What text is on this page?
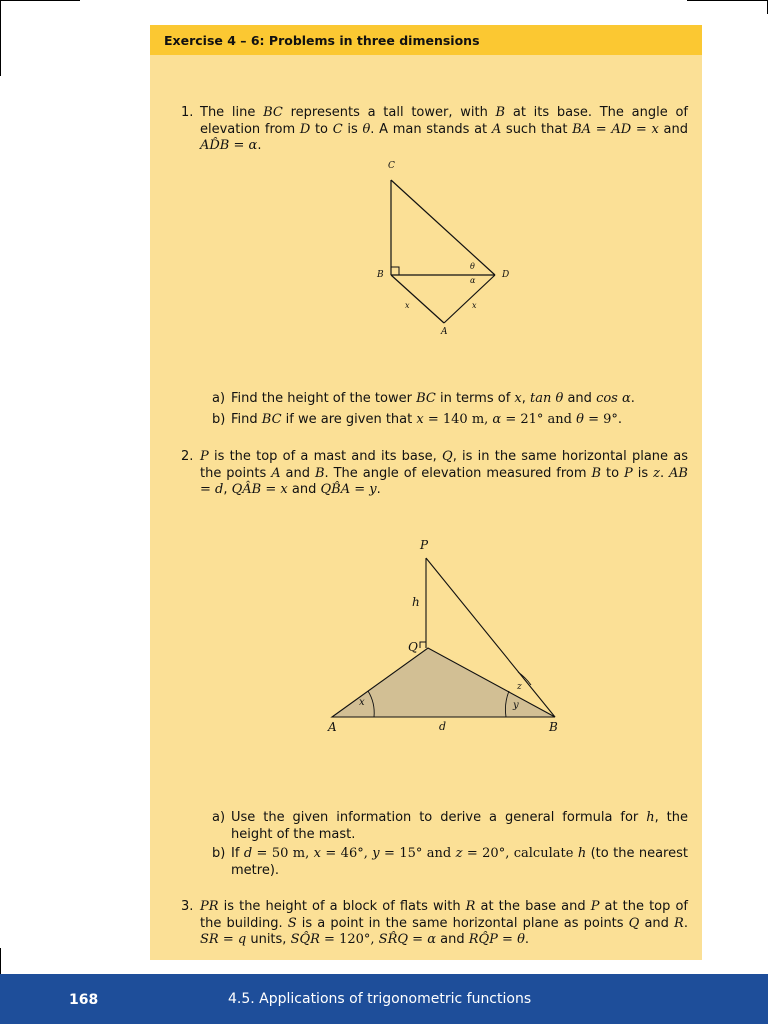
Exercise 4 – 6: Problems in three dimensions
1. The line BC represents a tall tower, with B at its base. The angle of elevation from D to C is θ. A man stands at A such that BA = AD = x and AD̂B = α.
C
B	D
A
θ
α
x	x
a) Find the height of the tower BC in terms of x, tan θ and cos α.
b) Find BC if we are given that x = 140 m, α = 21° and θ = 9°.
2. P is the top of a mast and its base, Q, is in the same horizontal plane as the points A and B. The angle of elevation measured from B to P is z. AB = d, QÂB = x and QB̂A = y.
P
h
Q
A	B
d
x	y
z
a) Use the given information to derive a general formula for h, the height of the mast.
b) If d = 50 m, x = 46°, y = 15° and z = 20°, calculate h (to the nearest metre).
3. PR is the height of a block of flats with R at the base and P at the top of the building. S is a point in the same horizontal plane as points Q and R. SR = q units, SQ̂R = 120°, SR̂Q = α and RQ̂P = θ.
168	4.5. Applications of trigonometric functions
